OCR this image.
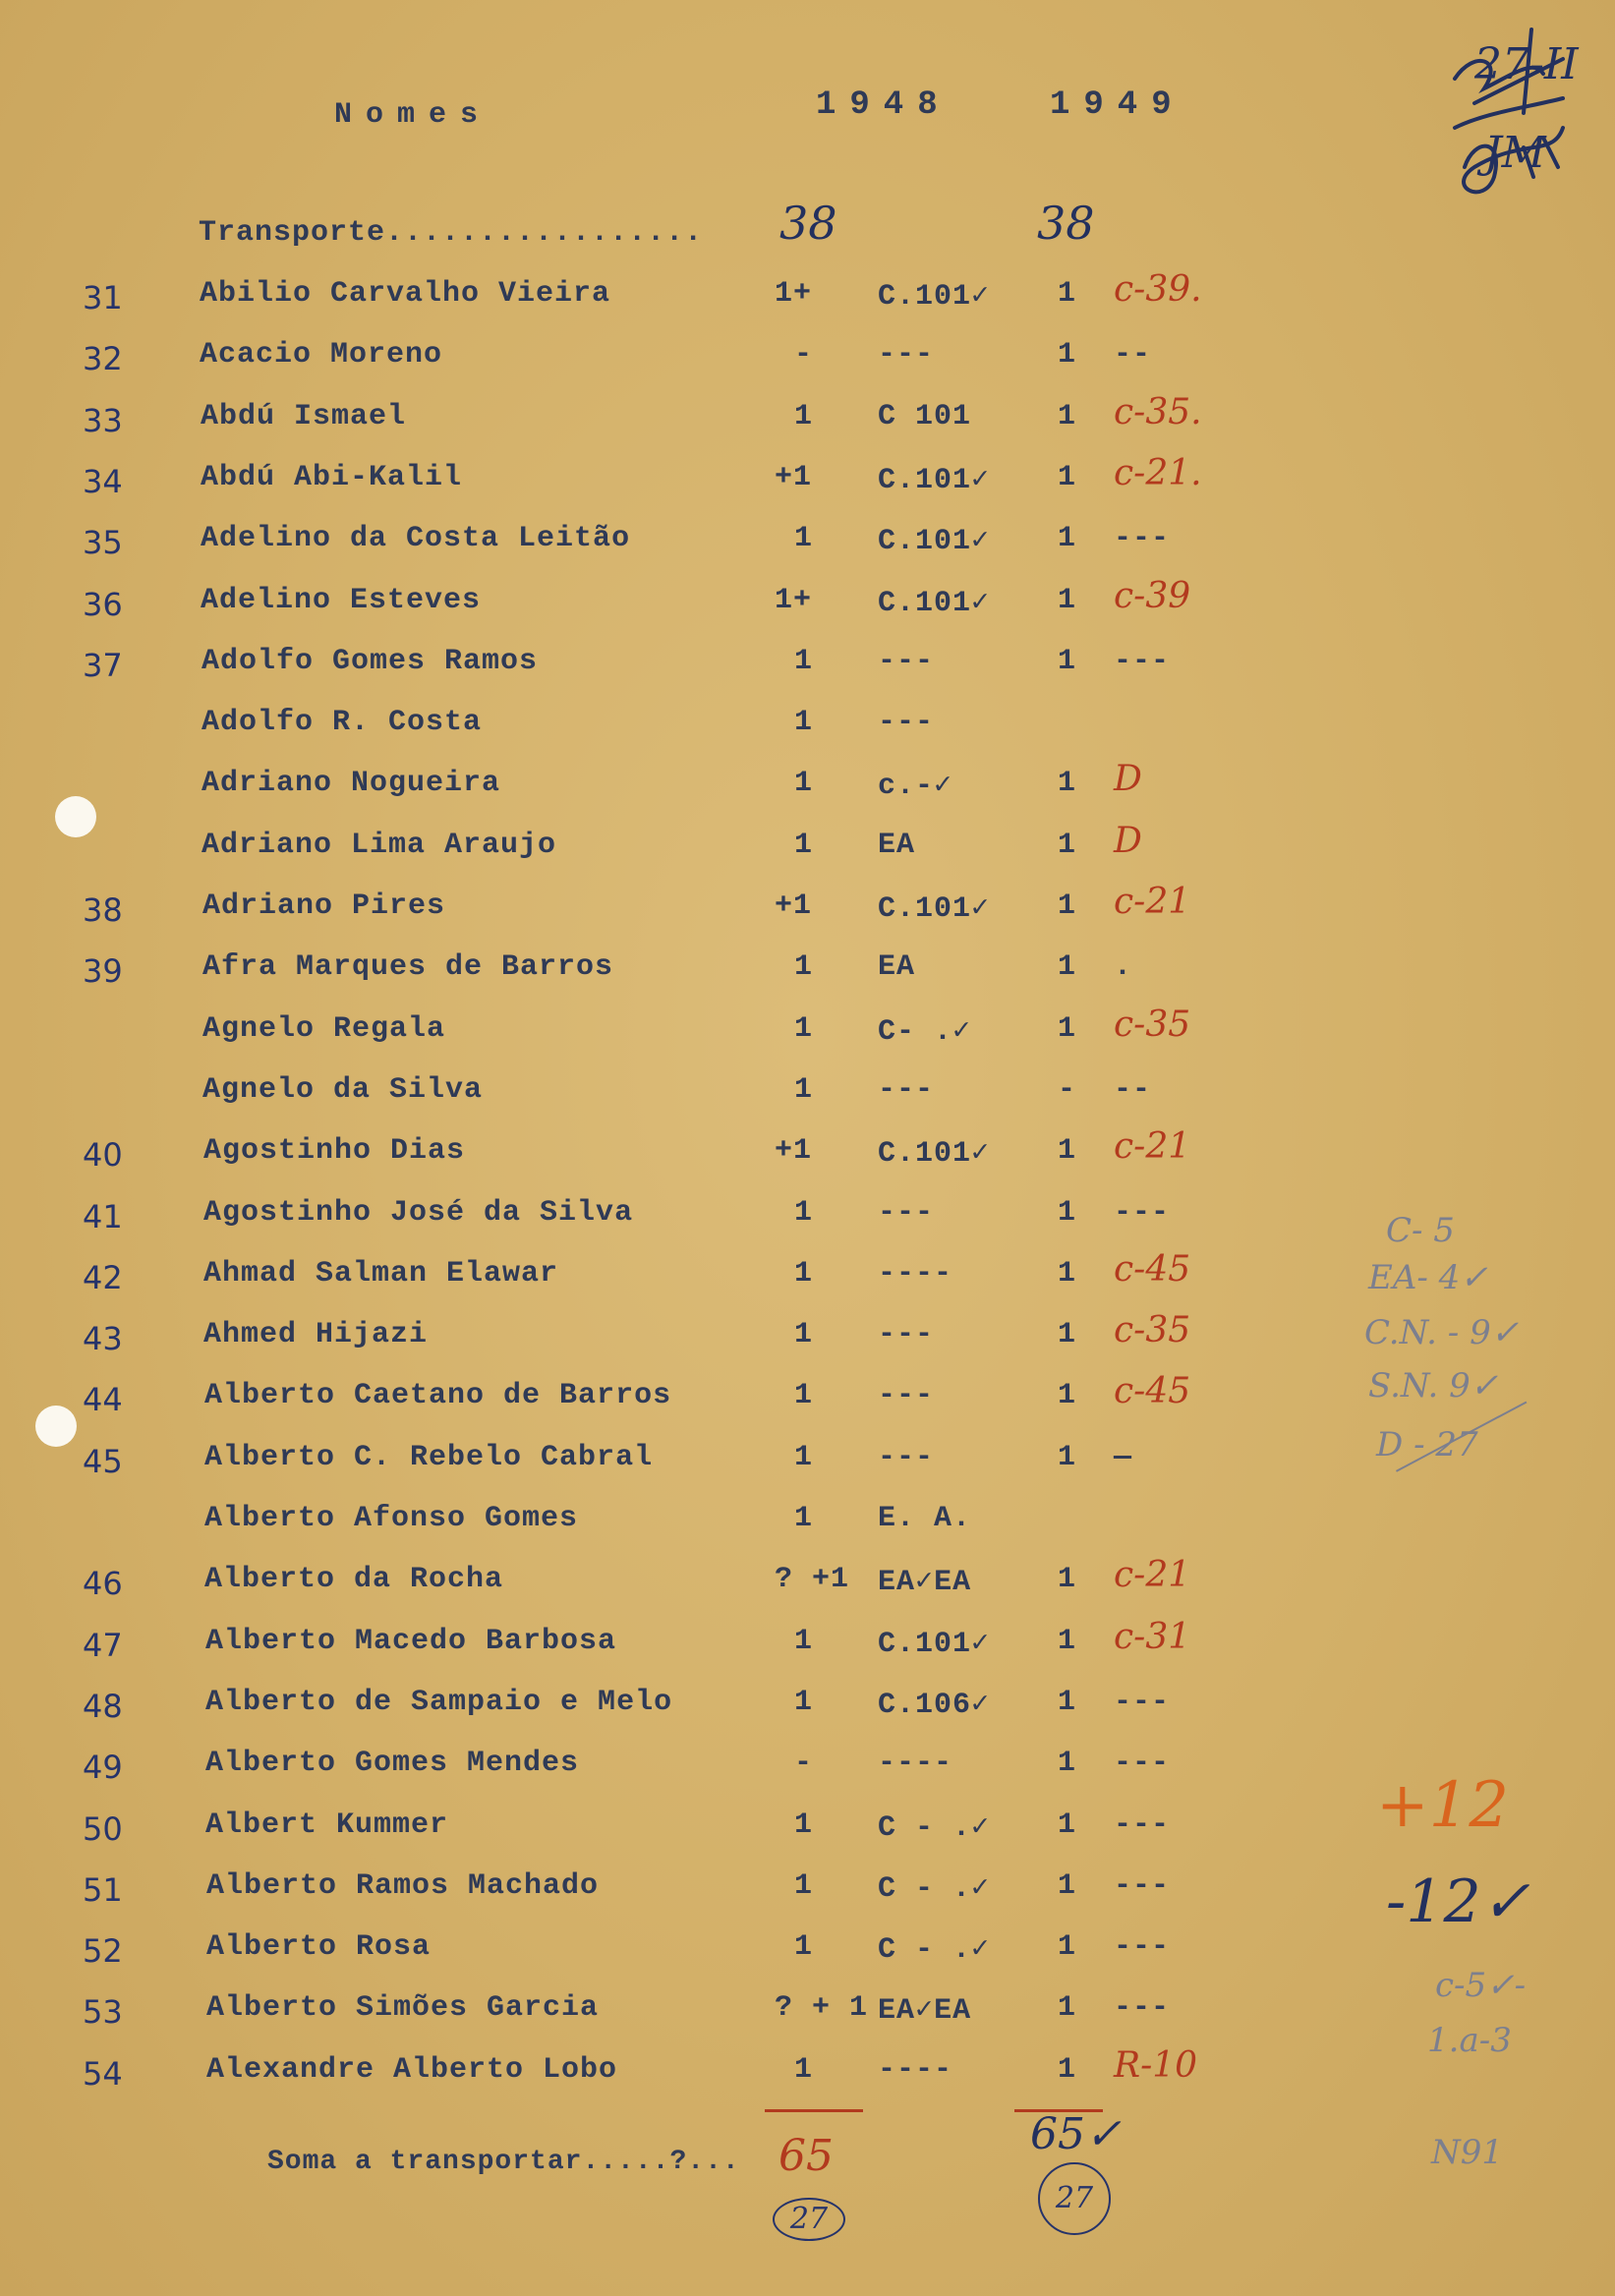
27-II
JM
Nomes	1948	1949
Transporte................. 38	38
31	Abilio Carvalho Vieira	1+ C.101✓ 1 c-39.
32	Acacio Moreno	- ---	1 --
33	Abdú Ismael	1 C 101	1 c-35.
34	Abdú Abi-Kalil	+1 C.101✓ 1 c-21.
35	Adelino da Costa Leitão	1 C.101✓ 1 ---
36	Adelino Esteves	1+ C.101✓ 1 c-39
37	Adolfo Gomes Ramos	1 ---	1 ---
Adolfo R. Costa	1 ---
Adriano Nogueira	1 c.-✓	1 D
Adriano Lima Araujo	1 EA	1 D
38	Adriano Pires	+1 C.101✓ 1 c-21
39	Afra Marques de Barros	1 EA	1 .
Agnelo Regala	1 C- .✓	1 c-35
Agnelo da Silva	1 ---	- --
40	Agostinho Dias	+1 C.101✓ 1 c-21
41	Agostinho José da Silva	1 ---	1 ---
42	Ahmad Salman Elawar	1 ----	1 c-45
43	Ahmed Hijazi	1 ---	1 c-35
44	Alberto Caetano de Barros	1 ---	1 c-45
45	Alberto C. Rebelo Cabral	1 ---	1 —
Alberto Afonso Gomes	1 E. A.
46	Alberto da Rocha	? +1 EA✓EA	1 c-21
47	Alberto Macedo Barbosa	1 C.101✓ 1 c-31
48	Alberto de Sampaio e Melo	1 C.106✓ 1 ---
49	Alberto Gomes Mendes	- ----	1 ---
50	Albert Kummer	1 C - .✓ 1 ---
51	Alberto Ramos Machado	1 C - .✓ 1 ---
52	Alberto Rosa	1 C - .✓ 1 ---
53	Alberto Simões Garcia	? + 1 EA✓EA	1 ---
54	Alexandre Alberto Lobo	1 ----	1 R-10
Soma a transportar.....?... 65	65✓
27
27
C- 5
EA- 4✓
C.N. - 9✓
S.N. 9✓
D - 27
+12
-12✓
c-5✓-
1.a-3
N91
